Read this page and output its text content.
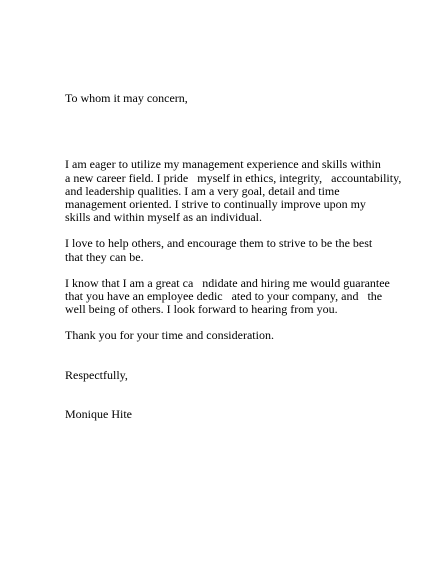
To whom it may concern,
I am eager to utilize my management experience and skills within
a new career field. I pride   myself in ethics, integrity,   accountability,
and leadership qualities. I am a very goal, detail and time
management oriented. I strive to continually improve upon my
skills and within myself as an individual.
I love to help others, and encourage them to strive to be the best
that they can be.
I know that I am a great ca   ndidate and hiring me would guarantee
that you have an employee dedic   ated to your company, and   the
well being of others. I look forward to hearing from you.
Thank you for your time and consideration.
Respectfully,
Monique Hite
